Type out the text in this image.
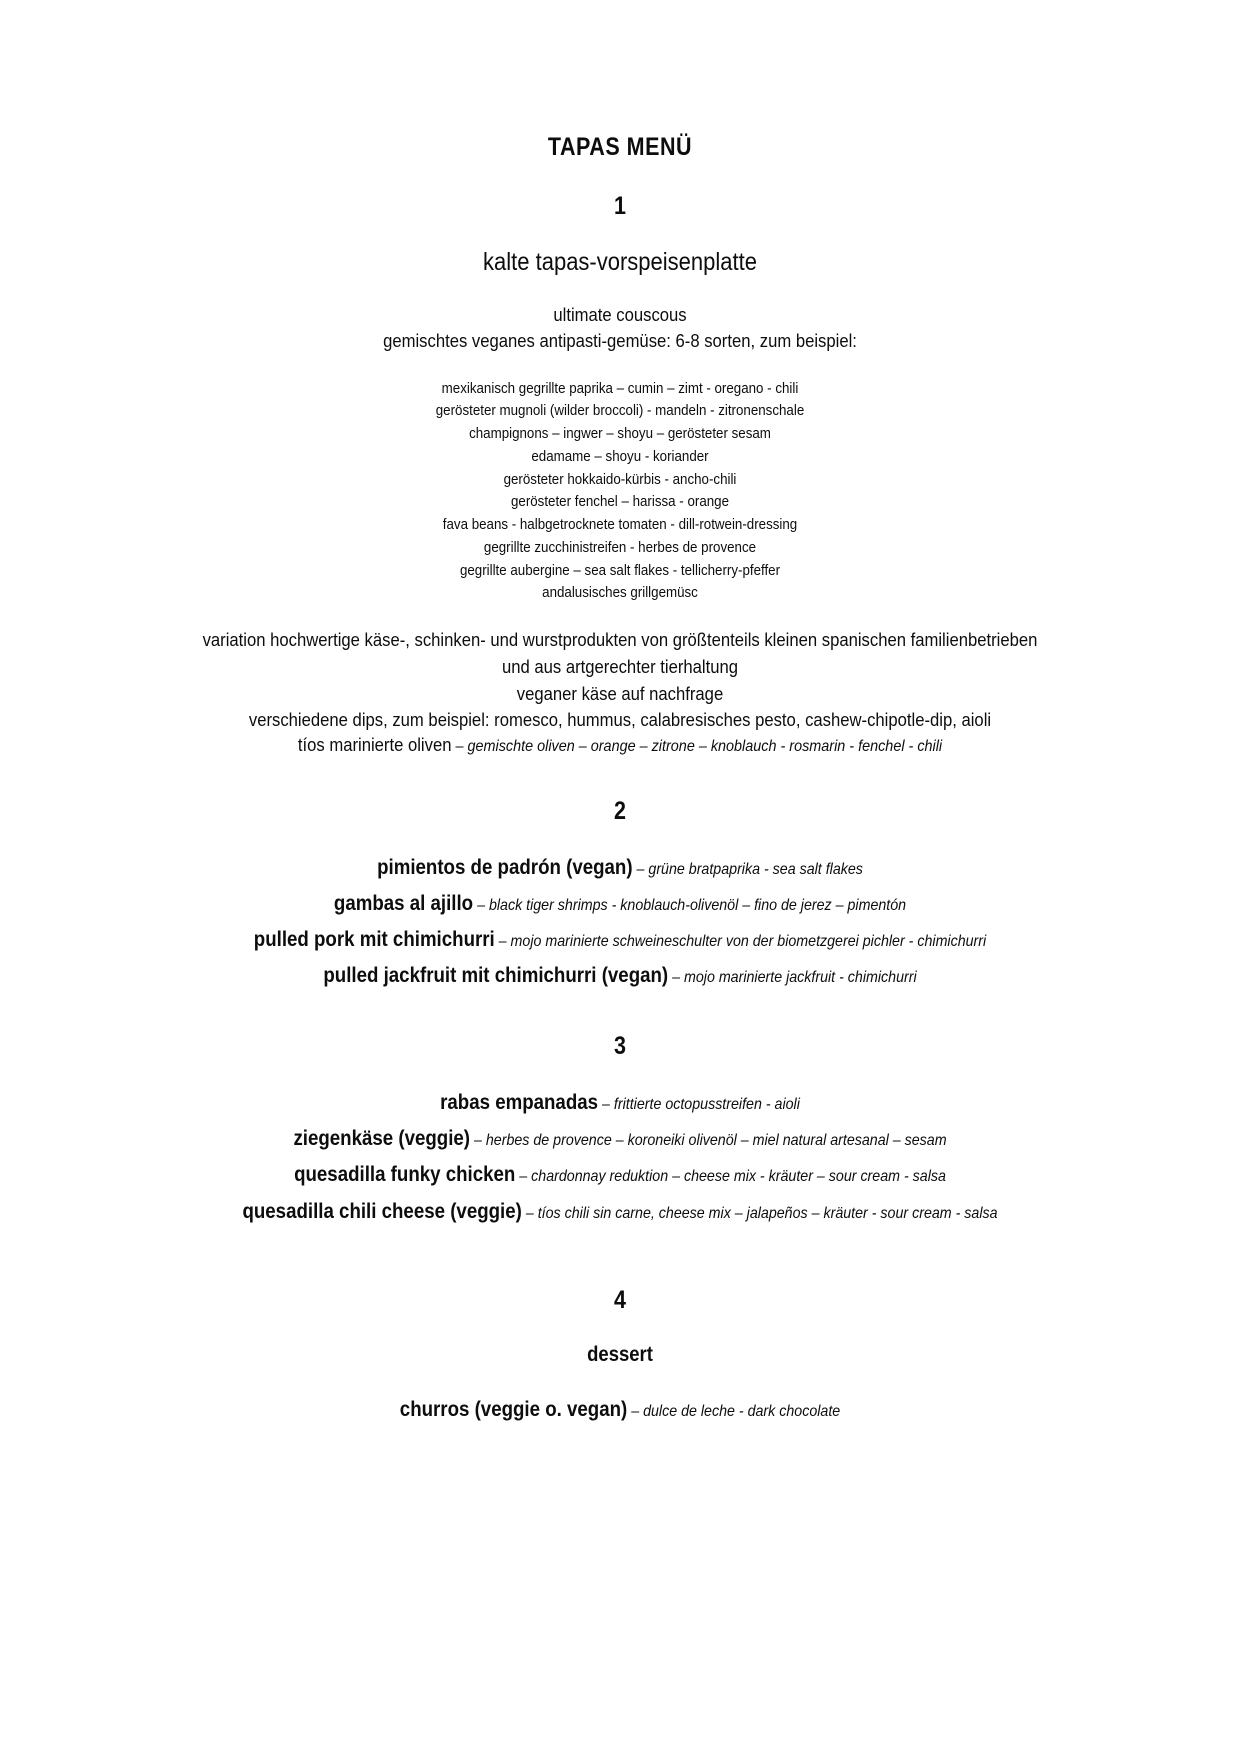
TAPAS MENÜ
1
kalte tapas-vorspeisenplatte
ultimate couscous
gemischtes veganes antipasti-gemüse: 6-8 sorten, zum beispiel:
mexikanisch gegrillte paprika – cumin – zimt - oregano - chili
gerösteter mugnoli (wilder broccoli) - mandeln - zitronenschale
champignons – ingwer – shoyu – gerösteter sesam
edamame – shoyu - koriander
gerösteter hokkaido-kürbis - ancho-chili
gerösteter fenchel – harissa - orange
fava beans - halbgetrocknete tomaten - dill-rotwein-dressing
gegrillte zucchinistreifen - herbes de provence
gegrillte aubergine – sea salt flakes - tellicherry-pfeffer
andalusisches grillgemüsc
variation hochwertige käse-, schinken- und wurstprodukten von größtenteils kleinen spanischen familienbetrieben
und aus artgerechter tierhaltung
veganer käse auf nachfrage
verschiedene dips, zum beispiel: romesco, hummus, calabresisches pesto, cashew-chipotle-dip, aioli
tíos marinierte oliven – gemischte oliven – orange – zitrone – knoblauch - rosmarin - fenchel - chili
2
pimientos de padrón (vegan) – grüne bratpaprika - sea salt flakes
gambas al ajillo – black tiger shrimps - knoblauch-olivenöl – fino de jerez – pimentón
pulled pork mit chimichurri – mojo marinierte schweineschulter von der biometzgerei pichler - chimichurri
pulled jackfruit mit chimichurri (vegan) – mojo marinierte jackfruit - chimichurri
3
rabas empanadas – frittierte octopusstreifen - aioli
ziegenkäse (veggie) – herbes de provence – koroneiki olivenöl – miel natural artesanal – sesam
quesadilla funky chicken – chardonnay reduktion – cheese mix - kräuter – sour cream - salsa
quesadilla chili cheese (veggie) – tíos chili sin carne, cheese mix – jalapeños – kräuter - sour cream - salsa
4
dessert
churros (veggie o. vegan) – dulce de leche - dark chocolate
